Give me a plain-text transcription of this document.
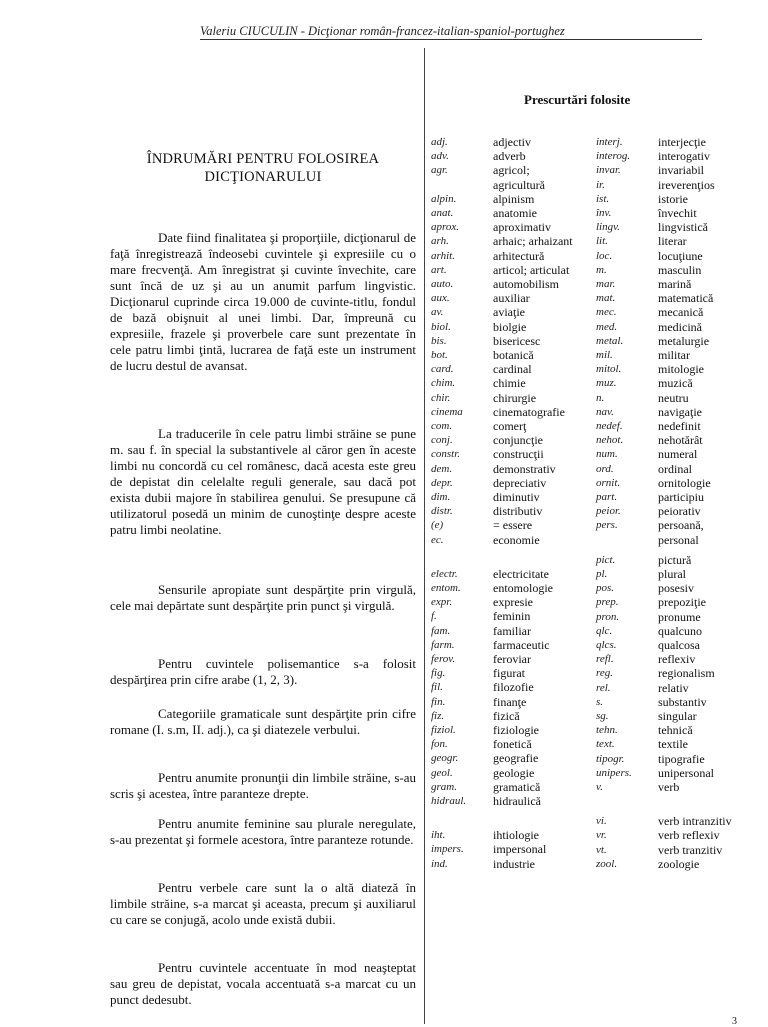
Valeriu CIUCULIN - Dicţionar român-francez-italian-spaniol-portughez
ÎNDRUMĂRI PENTRU FOLOSIREA
DICŢIONARULUI

Date fiind finalitatea şi proporţiile, dicţionarul de faţă înregistrează îndeosebi cuvintele şi expresiile cu o mare frecvenţă. Am înregistrat şi cuvinte învechite, care sunt încă de uz şi au un anumit parfum lingvistic. Dicţionarul cuprinde circa 19.000 de cuvinte-titlu, fondul de bază obişnuit al unei limbi. Dar, împreună cu expresiile, frazele şi proverbele care sunt prezentate în cele patru limbi ţintă, lucrarea de faţă este un instrument de lucru destul de avansat.

La traducerile în cele patru limbi străine se pune m. sau f. în special la substantivele al căror gen în aceste limbi nu concordă cu cel românesc, dacă acesta este greu de depistat din celelalte reguli generale, sau dacă pot exista dubii majore în stabilirea genului. Se presupune că utilizatorul posedă un minim de cunoştinţe despre aceste patru limbi neolatine.

Sensurile apropiate sunt despărţite prin virgulă, cele mai depărtate sunt despărţite prin punct şi virgulă.

Pentru cuvintele polisemantice s-a folosit despărţirea prin cifre arabe (1, 2, 3).

Categoriile gramaticale sunt despărţite prin cifre romane (I. s.m, II. adj.), ca şi diatezele verbului.

Pentru anumite pronunţii din limbile străine, s-au scris şi acestea, între paranteze drepte.

Pentru anumite feminine sau plurale neregulate, s-au prezentat şi formele acestora, între paranteze rotunde.

Pentru verbele care sunt la o altă diateză în limbile străine, s-a marcat şi aceasta, precum şi auxiliarul cu care se conjugă, acolo unde există dubii.

Pentru cuvintele accentuate în mod neaşteptat sau greu de depistat, vocala accentuată s-a marcat cu un punct dedesubt.

Prescurtări folosite
adj.	adjectiv
adv.	adverb
agr.	agricol;
agricultură
alpin.	alpinism
anat.	anatomie
aprox.	aproximativ
arh.	arhaic; arhaizant
arhit.	arhitectură
art.	articol; articulat
auto.	automobilism
aux.	auxiliar
av.	aviaţie
biol.	biolgie
bis.	bisericesc
bot.	botanică
card.	cardinal
chim.	chimie
chir.	chirurgie
cinema	cinematografie
com.	comerţ
conj.	conjuncţie
constr.	construcţii
dem.	demonstrativ
depr.	depreciativ
dim.	diminutiv
distr.	distributiv
(e)	= essere
ec.	economie
electr.	electricitate
entom.	entomologie
expr.	expresie
f.	feminin
fam.	familiar
farm.	farmaceutic
ferov.	feroviar
fig.	figurat
fil.	filozofie
fin.	finanţe
fiz.	fizică
fiziol.	fiziologie
fon.	fonetică
geogr.	geografie
geol.	geologie
gram.	gramatică
hidraul. hidraulică
iht.	ihtiologie
impers. impersonal
ind.	industrie
interj.	interjecţie
interog. interogativ
invar.	invariabil
ir.	ireverenţios
ist.	istorie
înv.	învechit
lingv.	lingvistică
lit.	literar
loc.	locuţiune
m.	masculin
mar.	marină
mat.	matematică
mec.	mecanică
med.	medicină
metal.	metalurgie
mil.	militar
mitol.	mitologie
muz.	muzică
n.	neutru
nav.	navigaţie
nedef.	nedefinit
nehot.	nehotărât
num.	numeral
ord.	ordinal
ornit.	ornitologie
part.	participiu
peior.	peiorativ
pers.	persoană,
personal
pict.	pictură
pl.	plural
pos.	posesiv
prep.	prepoziţie
pron.	pronume
qlc.	qualcuno
qlcs.	qualcosa
refl.	reflexiv
reg.	regionalism
rel.	relativ
s.	substantiv
sg.	singular
tehn.	tehnică
text.	textile
tipogr.	tipografie
unipers. unipersonal
v.	verb
vi.	verb intranzitiv
vr.	verb reflexiv
vt.	verb tranzitiv
zool.	zoologie
3
